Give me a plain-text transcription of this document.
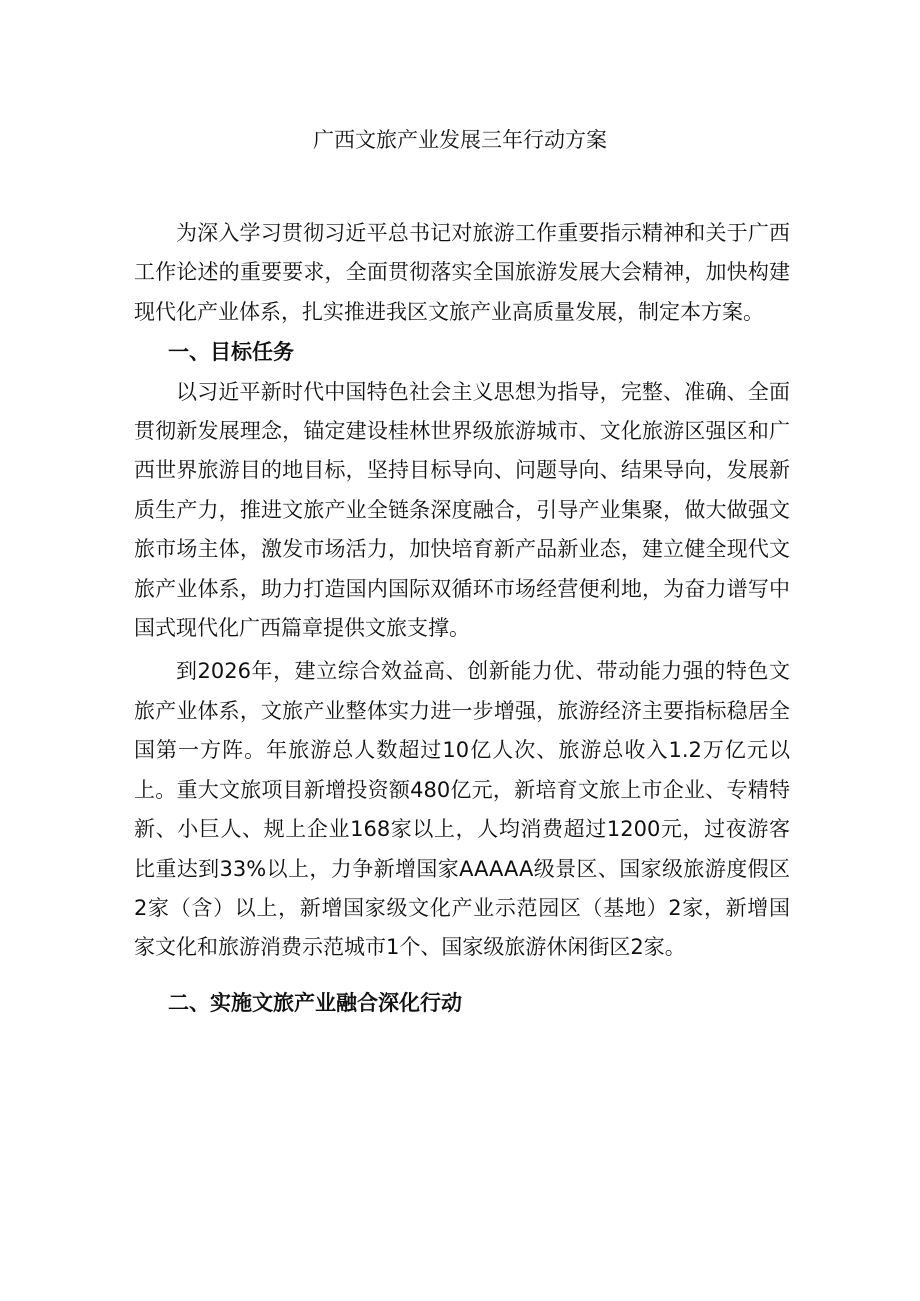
广西文旅产业发展三年行动方案

为深入学习贯彻习近平总书记对旅游工作重要指示精神和关于广西工作论述的重要要求，全面贯彻落实全国旅游发展大会精神，加快构建现代化产业体系，扎实推进我区文旅产业高质量发展，制定本方案。

一、目标任务

以习近平新时代中国特色社会主义思想为指导，完整、准确、全面贯彻新发展理念，锚定建设桂林世界级旅游城市、文化旅游区强区和广西世界旅游目的地目标，坚持目标导向、问题导向、结果导向，发展新质生产力，推进文旅产业全链条深度融合，引导产业集聚，做大做强文旅市场主体，激发市场活力，加快培育新产品新业态，建立健全现代文旅产业体系，助力打造国内国际双循环市场经营便利地，为奋力谱写中国式现代化广西篇章提供文旅支撑。

到2026年，建立综合效益高、创新能力优、带动能力强的特色文旅产业体系，文旅产业整体实力进一步增强，旅游经济主要指标稳居全国第一方阵。年旅游总人数超过10亿人次、旅游总收入1.2万亿元以上。重大文旅项目新增投资额480亿元，新培育文旅上市企业、专精特新、小巨人、规上企业168家以上，人均消费超过1200元，过夜游客比重达到33%以上，力争新增国家AAAAA级景区、国家级旅游度假区2家（含）以上，新增国家级文化产业示范园区（基地）2家，新增国家文化和旅游消费示范城市1个、国家级旅游休闲街区2家。

二、实施文旅产业融合深化行动
